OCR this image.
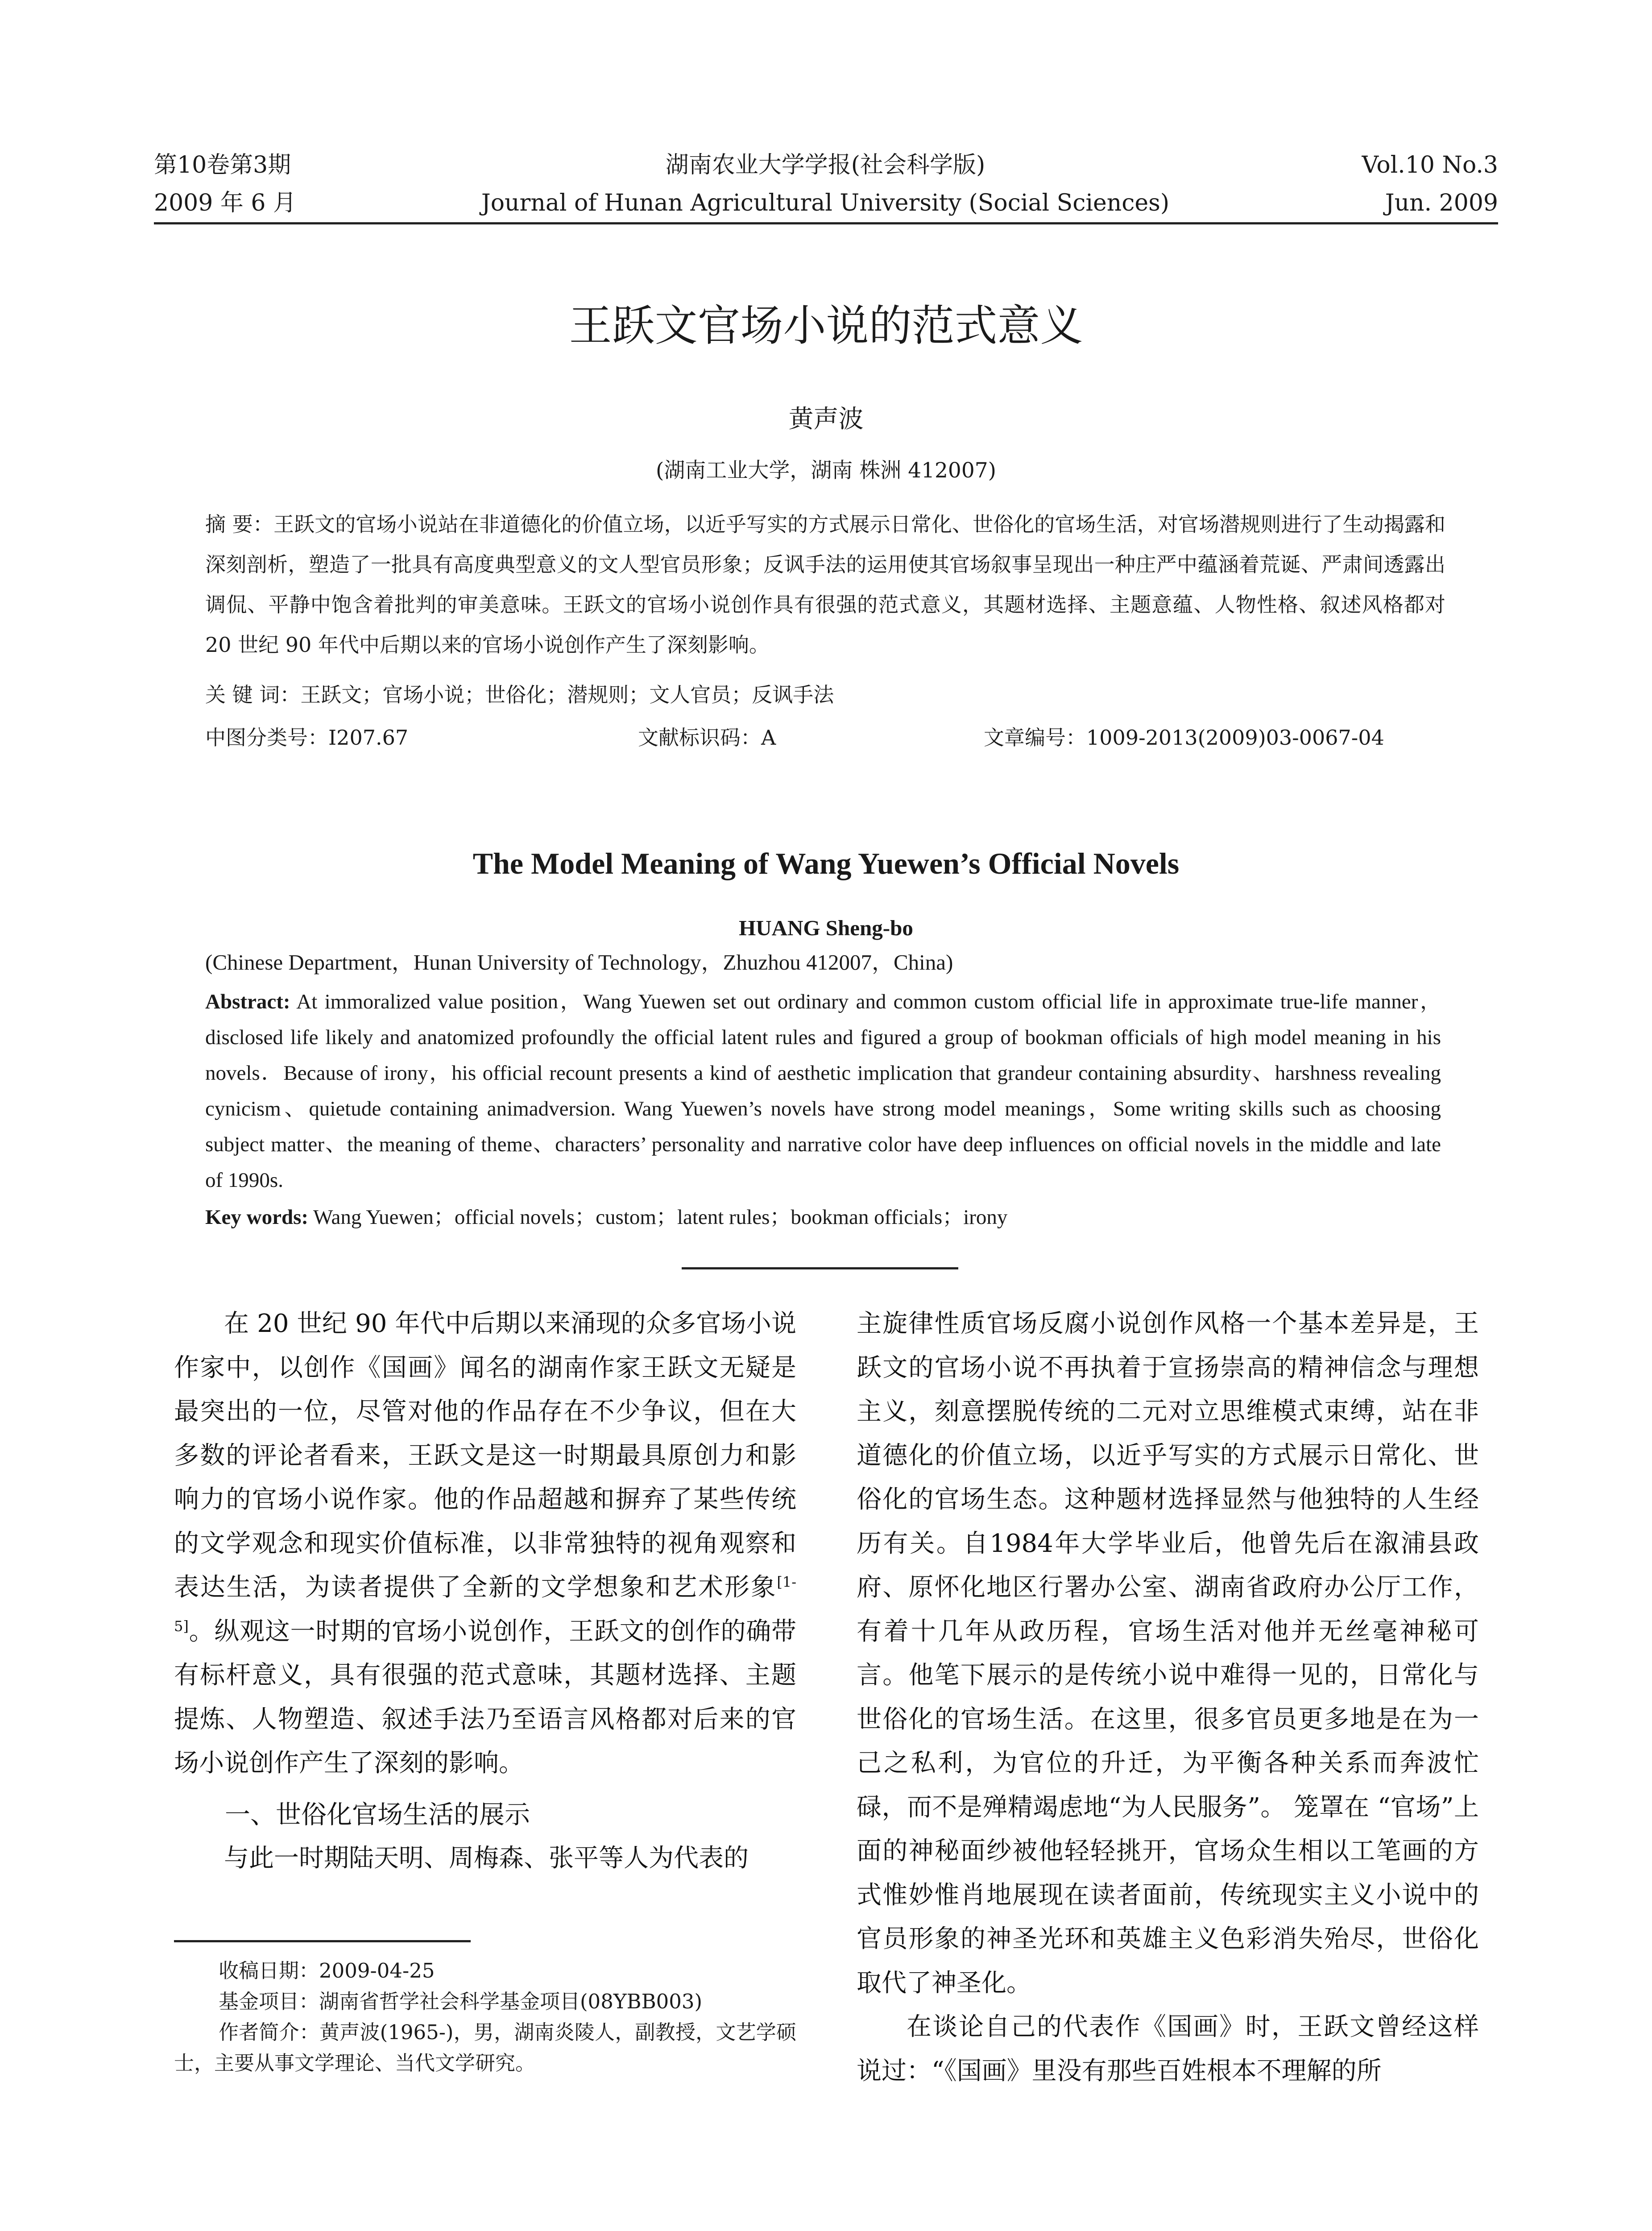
第10卷第3期
2009 年 6 月
湖南农业大学学报(社会科学版)
Journal of Hunan Agricultural University (Social Sciences)
Vol.10 No.3
Jun. 2009
王跃文官场小说的范式意义
黄声波
(湖南工业大学，湖南 株洲 412007)
摘 要：王跃文的官场小说站在非道德化的价值立场，以近乎写实的方式展示日常化、世俗化的官场生活，对官场潜规则进行了生动揭露和深刻剖析，塑造了一批具有高度典型意义的文人型官员形象；反讽手法的运用使其官场叙事呈现出一种庄严中蕴涵着荒诞、严肃间透露出调侃、平静中饱含着批判的审美意味。王跃文的官场小说创作具有很强的范式意义，其题材选择、主题意蕴、人物性格、叙述风格都对 20 世纪 90 年代中后期以来的官场小说创作产生了深刻影响。
关 键 词：王跃文；官场小说；世俗化；潜规则；文人官员；反讽手法
中图分类号：I207.67	文献标识码：A	文章编号：1009-2013(2009)03-0067-04
The Model Meaning of Wang Yuewen’s Official Novels
HUANG Sheng-bo
(Chinese Department，Hunan University of Technology，Zhuzhou 412007，China)
Abstract: At immoralized value position，Wang Yuewen set out ordinary and common custom official life in approximate true-life manner，disclosed life likely and anatomized profoundly the official latent rules and figured a group of bookman officials of high model meaning in his novels．Because of irony，his official recount presents a kind of aesthetic implication that grandeur containing absurdity、harshness revealing cynicism、quietude containing animadversion. Wang Yuewen’s novels have strong model meanings，Some writing skills such as choosing subject matter、the meaning of theme、characters’ personality and narrative color have deep influences on official novels in the middle and late of 1990s.
Key words: Wang Yuewen；official novels；custom；latent rules；bookman officials；irony

在 20 世纪 90 年代中后期以来涌现的众多官场小说作家中，以创作《国画》闻名的湖南作家王跃文无疑是最突出的一位，尽管对他的作品存在不少争议，但在大多数的评论者看来，王跃文是这一时期最具原创力和影响力的官场小说作家。他的作品超越和摒弃了某些传统的文学观念和现实价值标准，以非常独特的视角观察和表达生活，为读者提供了全新的文学想象和艺术形象[1-5]。纵观这一时期的官场小说创作，王跃文的创作的确带有标杆意义，具有很强的范式意味，其题材选择、主题提炼、人物塑造、叙述手法乃至语言风格都对后来的官场小说创作产生了深刻的影响。

一、世俗化官场生活的展示

与此一时期陆天明、周梅森、张平等人为代表的

收稿日期：2009-04-25
基金项目：湖南省哲学社会科学基金项目(08YBB003)
作者简介：黄声波(1965-)，男，湖南炎陵人，副教授，文艺学硕士，主要从事文学理论、当代文学研究。

主旋律性质官场反腐小说创作风格一个基本差异是，王跃文的官场小说不再执着于宣扬崇高的精神信念与理想主义，刻意摆脱传统的二元对立思维模式束缚，站在非道德化的价值立场，以近乎写实的方式展示日常化、世俗化的官场生态。这种题材选择显然与他独特的人生经历有关。自1984年大学毕业后，他曾先后在溆浦县政府、原怀化地区行署办公室、湖南省政府办公厅工作，有着十几年从政历程，官场生活对他并无丝毫神秘可言。他笔下展示的是传统小说中难得一见的，日常化与世俗化的官场生活。在这里，很多官员更多地是在为一己之私利，为官位的升迁，为平衡各种关系而奔波忙碌，而不是殚精竭虑地“为人民服务”。 笼罩在 “官场”上面的神秘面纱被他轻轻挑开，官场众生相以工笔画的方式惟妙惟肖地展现在读者面前，传统现实主义小说中的官员形象的神圣光环和英雄主义色彩消失殆尽，世俗化取代了神圣化。

在谈论自己的代表作《国画》时，王跃文曾经这样说过：“《国画》里没有那些百姓根本不理解的所
